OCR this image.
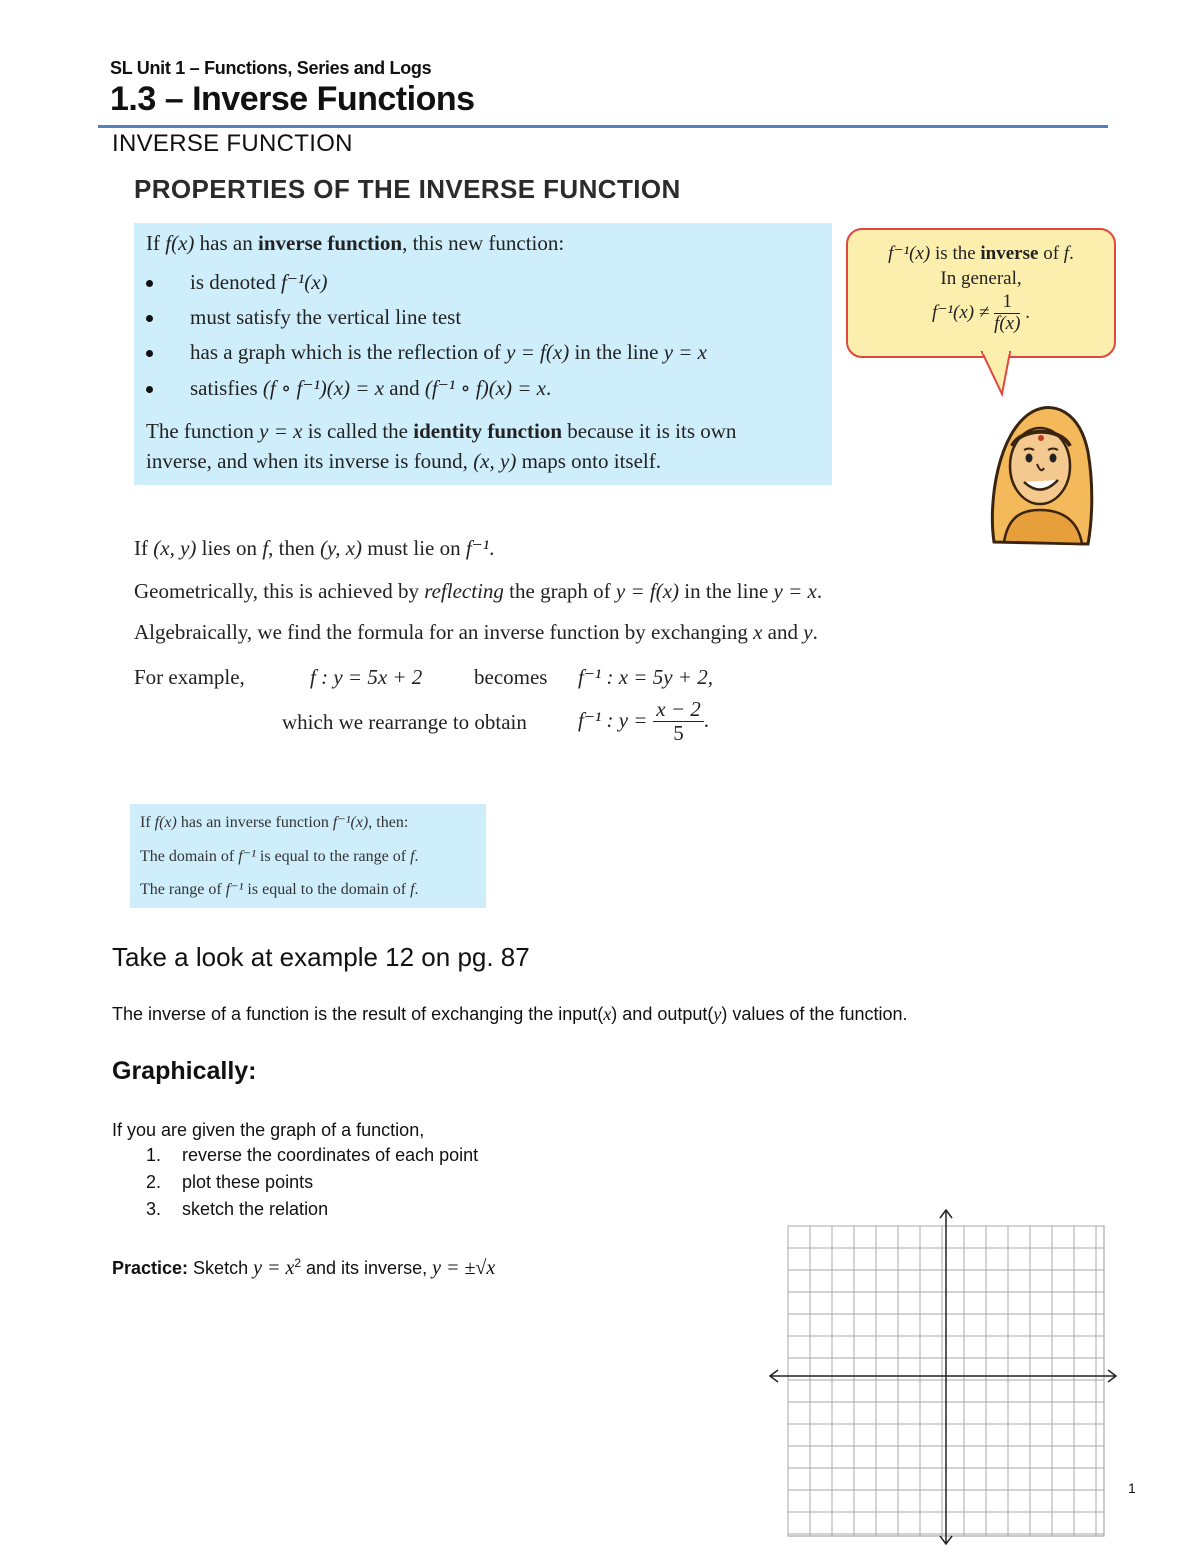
SL Unit 1 – Functions, Series and Logs
1.3 – Inverse Functions
INVERSE FUNCTION
PROPERTIES OF THE INVERSE FUNCTION
If f(x) has an inverse function, this new function:
is denoted f⁻¹(x)
must satisfy the vertical line test
has a graph which is the reflection of y = f(x) in the line y = x
satisfies (f ∘ f⁻¹)(x) = x and (f⁻¹ ∘ f)(x) = x.
The function y = x is called the identity function because it is its own
inverse, and when its inverse is found, (x, y) maps onto itself.
f⁻¹(x) is the inverse of f.
In general,
$f^{-1}(x) \ne \frac{1}{f(x)}$ .
If (x, y) lies on f, then (y, x) must lie on f⁻¹.
Geometrically, this is achieved by reflecting the graph of y = f(x) in the line y = x.
Algebraically, we find the formula for an inverse function by exchanging x and y.
For example,	f : y = 5x + 2 becomes f⁻¹ : x = 5y + 2,
which we rearrange to obtain f⁻¹ : $y = \frac{x - 2}{5}$ .
If f(x) has an inverse function f⁻¹(x), then:
The domain of f⁻¹ is equal to the range of f.
The range of f⁻¹ is equal to the domain of f.
Take a look at example 12 on pg. 87
The inverse of a function is the result of exchanging the input(x) and output(y) values of the function.
Graphically:
If you are given the graph of a function,
1. reverse the coordinates of each point
2. plot these points
3. sketch the relation
Practice: Sketch $y = x^2$ and its inverse, y = ±√x
1
